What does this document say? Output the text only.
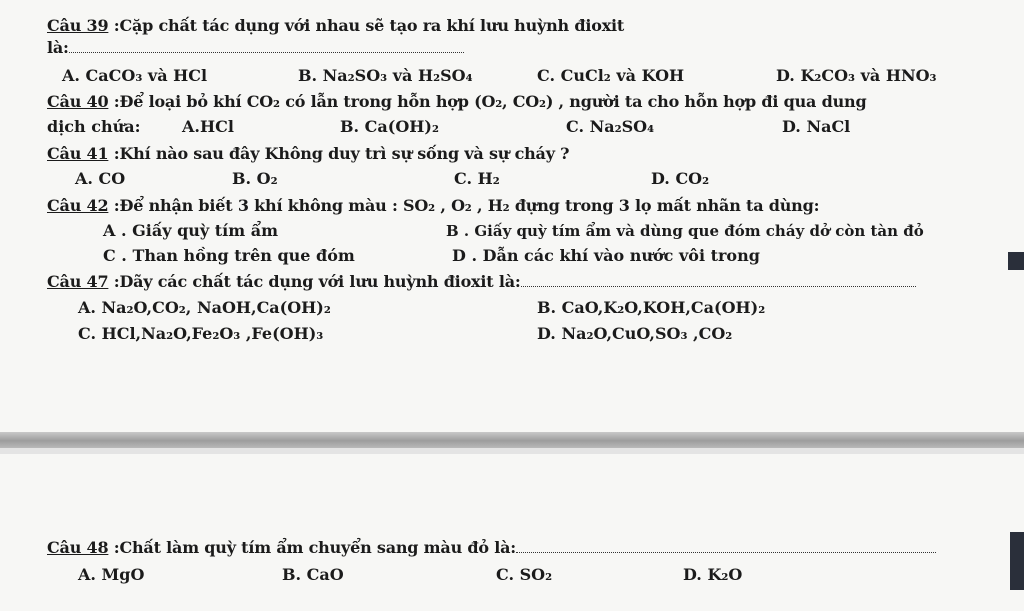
Câu 39 :Cặp chất tác dụng với nhau sẽ tạo ra khí lưu huỳnh đioxit
là:
A. CaCO₃ và HCl	B. Na₂SO₃ và H₂SO₄	C. CuCl₂ và KOH	D. K₂CO₃ và HNO₃
Câu 40 :Để loại bỏ khí CO₂ có lẫn trong hỗn hợp (O₂, CO₂) , người ta cho hỗn hợp đi qua dung
dịch chứa:	A.HCl	B. Ca(OH)₂	C. Na₂SO₄	D. NaCl
Câu 41 :Khí nào sau đây Không duy trì sự sống và sự cháy ?
A. CO	B. O₂	C. H₂	D. CO₂
Câu 42 :Để nhận biết 3 khí không màu : SO₂ , O₂ , H₂ đựng trong 3 lọ mất nhãn ta dùng:
A . Giấy quỳ tím ẩm	B . Giấy quỳ tím ẩm và dùng que đóm cháy dở còn tàn đỏ
C . Than hồng trên que đóm	D . Dẫn các khí vào nước vôi trong
Câu 47 :Dãy các chất tác dụng với lưu huỳnh đioxit là:
A. Na₂O,CO₂, NaOH,Ca(OH)₂	B. CaO,K₂O,KOH,Ca(OH)₂
C. HCl,Na₂O,Fe₂O₃ ,Fe(OH)₃	D. Na₂O,CuO,SO₃ ,CO₂
Câu 48 :Chất làm quỳ tím ẩm chuyển sang màu đỏ là:
A. MgO	B. CaO	C. SO₂	D. K₂O
